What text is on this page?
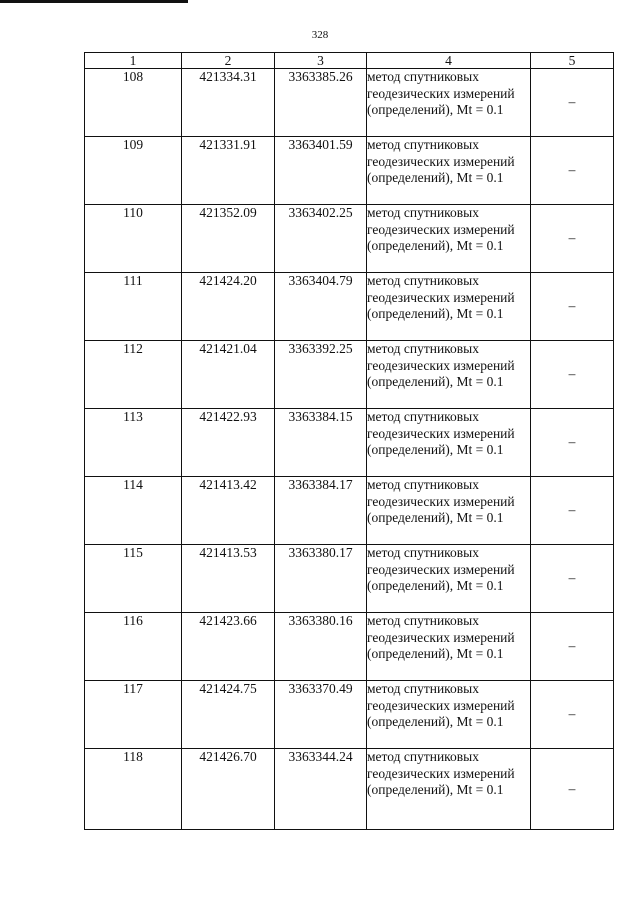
328
1	2	3	4	5
108	421334.31	3363385.26	метод спутниковых геодезических измерений (определений), Mt = 0.1	–
109	421331.91	3363401.59	метод спутниковых геодезических измерений (определений), Mt = 0.1	–
110	421352.09	3363402.25	метод спутниковых геодезических измерений (определений), Mt = 0.1	–
111	421424.20	3363404.79	метод спутниковых геодезических измерений (определений), Mt = 0.1	–
112	421421.04	3363392.25	метод спутниковых геодезических измерений (определений), Mt = 0.1	–
113	421422.93	3363384.15	метод спутниковых геодезических измерений (определений), Mt = 0.1	–
114	421413.42	3363384.17	метод спутниковых геодезических измерений (определений), Mt = 0.1	–
115	421413.53	3363380.17	метод спутниковых геодезических измерений (определений), Mt = 0.1	–
116	421423.66	3363380.16	метод спутниковых геодезических измерений (определений), Mt = 0.1	–
117	421424.75	3363370.49	метод спутниковых геодезических измерений (определений), Mt = 0.1	–
118	421426.70	3363344.24	метод спутниковых геодезических измерений (определений), Mt = 0.1	–
